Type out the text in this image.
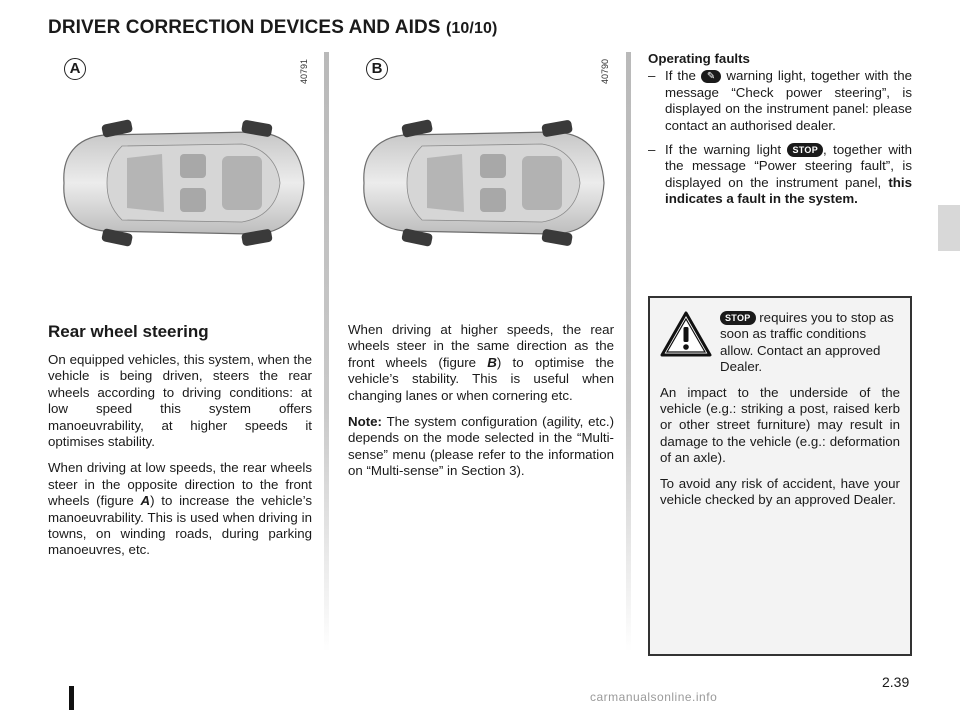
DRIVER CORRECTION DEVICES AND AIDS (10/10)
A	40791	B	40790
Rear wheel steering

On equipped vehicles, this system, when the vehicle is being driven, steers the rear wheels according to driving conditions: at low speed this system offers manoeuvrability, at higher speeds it optimises stability.

When driving at low speeds, the rear wheels steer in the opposite direction to the front wheels (figure A) to increase the vehicle’s manoeuvrability. This is used when driving in towns, on winding roads, during parking manoeuvres, etc.

When driving at higher speeds, the rear wheels steer in the same direction as the front wheels (figure B) to optimise the vehicle’s stability. This is useful when changing lanes or when cornering etc.

Note: The system configuration (agility, etc.) depends on the mode selected in the “Multi-sense” menu (please refer to the information on “Multi-sense” in Section 3).

Operating faults
– If the ✎ warning light, together with the message “Check power steering”, is displayed on the instrument panel: please contact an authorised dealer.
– If the warning light STOP , together with the message “Power steering fault”, is displayed on the instrument panel, this indicates a fault in the system.
STOP requires you to stop as soon as traffic conditions allow. Contact an approved Dealer.

An impact to the underside of the vehicle (e.g.: striking a post, raised kerb or other street furniture) may result in damage to the vehicle (e.g.: deformation of an axle).

To avoid any risk of accident, have your vehicle checked by an approved Dealer.

2.39
carmanualsonline.info
